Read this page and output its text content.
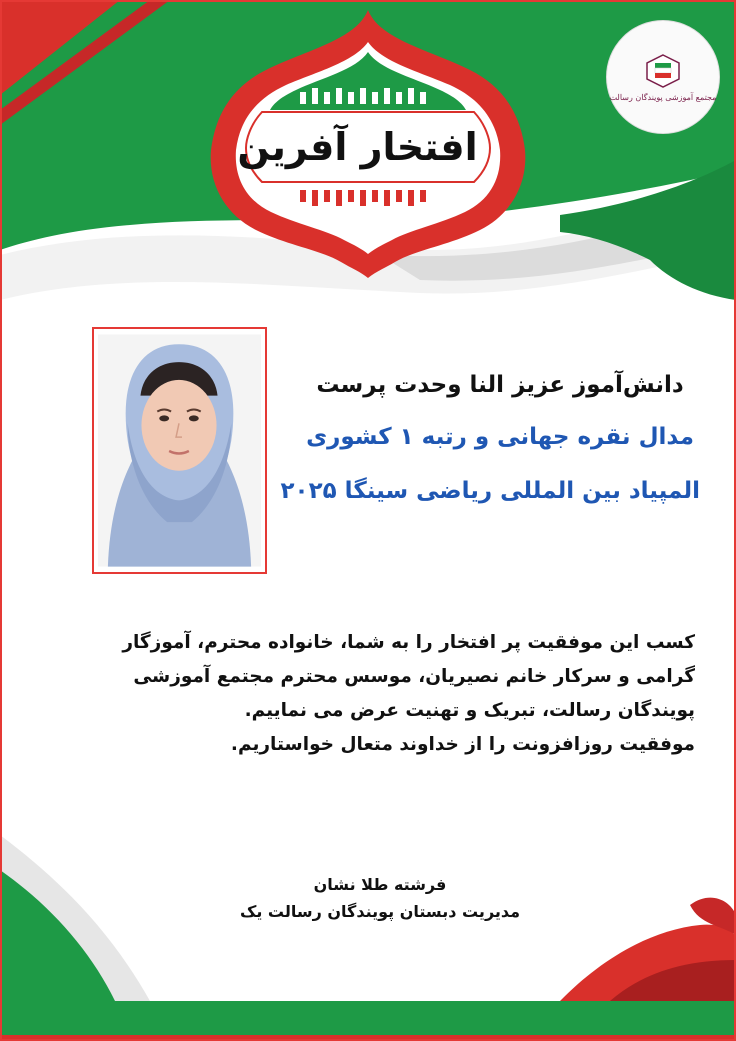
افتخار آفرین
مجتمع آموزشی پویندگان رسالت
دانش‌آموز عزیز النا وحدت پرست
مدال نقره جهانی و رتبه ۱ کشوری
المپیاد بین المللی ریاضی سینگا ۲۰۲۵
کسب این موفقیت پر افتخار را به شما، خانواده محترم، آموزگار
گرامی و سرکار خانم نصیریان، موسس محترم مجتمع آموزشی
پویندگان رسالت، تبریک و تهنیت عرض می نماییم.
موفقیت روزافزونت را از خداوند متعال خواستاریم.
فرشته طلا نشان
مدیریت دبستان پویندگان رسالت یک
